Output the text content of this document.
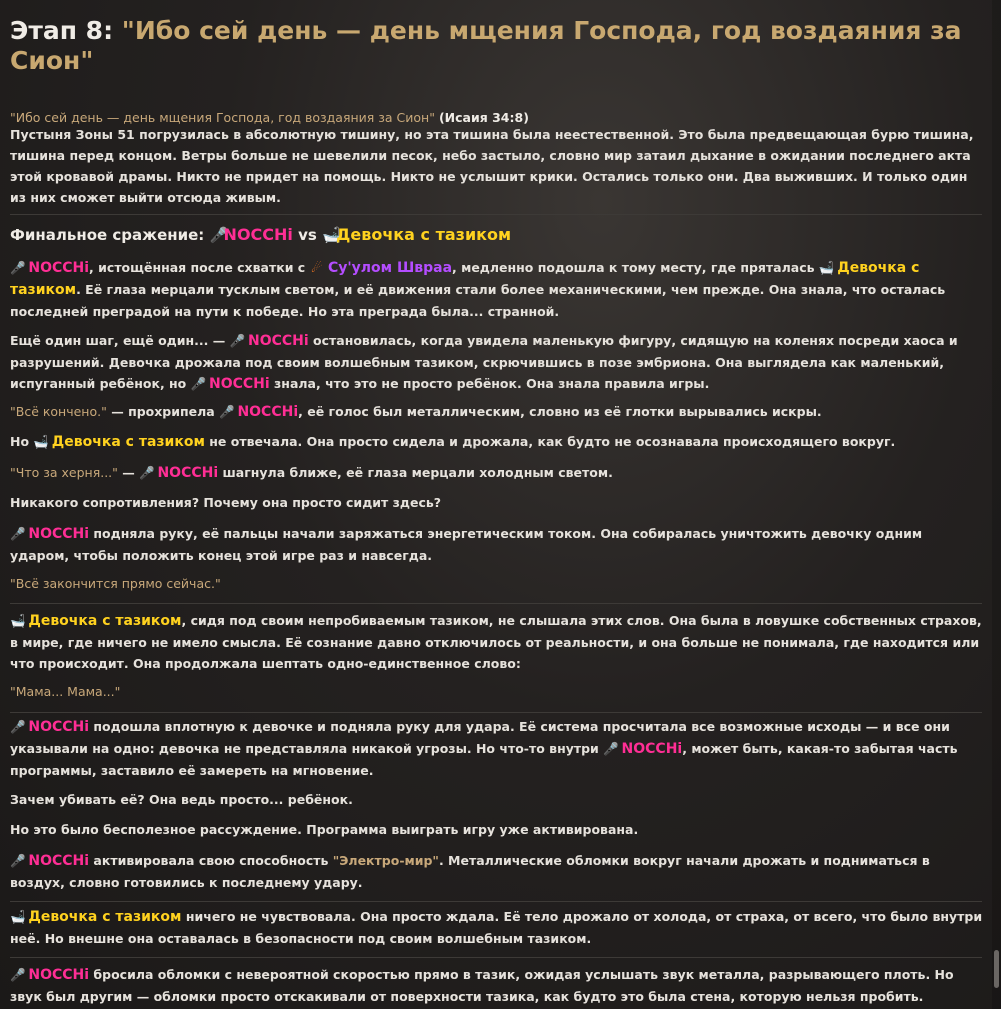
Этап 8: "Ибо сей день — день мщения Господа, год воздаяния за Сион"
"Ибо сей день — день мщения Господа, год воздаяния за Сион" (Исаия 34:8)

Пустыня Зоны 51 погрузилась в абсолютную тишину, но эта тишина была неестественной. Это была предвещающая бурю тишина, тишина перед концом. Ветры больше не шевелили песок, небо застыло, словно мир затаил дыхание в ожидании последнего акта этой кровавой драмы. Никто не придет на помощь. Никто не услышит крики. Остались только они. Два выживших. И только один из них сможет выйти отсюда живым.

Финальное сражение: 🎤NOCCHi vs 🛁Девочка с тазиком

🎤 NOCCHi, истощённая после схватки с ☄ Су'улом Швраа, медленно подошла к тому месту, где пряталась 🛁 Девочка с тазиком. Её глаза мерцали тусклым светом, и её движения стали более механическими, чем прежде. Она знала, что осталась последней преградой на пути к победе. Но эта преграда была... странной.

Ещё один шаг, ещё один... — 🎤 NOCCHi остановилась, когда увидела маленькую фигуру, сидящую на коленях посреди хаоса и разрушений. Девочка дрожала под своим волшебным тазиком, скрючившись в позе эмбриона. Она выглядела как маленький, испуганный ребёнок, но 🎤 NOCCHi знала, что это не просто ребёнок. Она знала правила игры.

"Всё кончено." — прохрипела 🎤 NOCCHi, её голос был металлическим, словно из её глотки вырывались искры.

Но 🛁 Девочка с тазиком не отвечала. Она просто сидела и дрожала, как будто не осознавала происходящего вокруг.

"Что за херня..." — 🎤 NOCCHi шагнула ближе, её глаза мерцали холодным светом.

Никакого сопротивления? Почему она просто сидит здесь?

🎤 NOCCHi подняла руку, её пальцы начали заряжаться энергетическим током. Она собиралась уничтожить девочку одним ударом, чтобы положить конец этой игре раз и навсегда.

"Всё закончится прямо сейчас."

🛁 Девочка с тазиком, сидя под своим непробиваемым тазиком, не слышала этих слов. Она была в ловушке собственных страхов, в мире, где ничего не имело смысла. Её сознание давно отключилось от реальности, и она больше не понимала, где находится или что происходит. Она продолжала шептать одно-единственное слово:

"Мама... Мама..."

🎤 NOCCHi подошла вплотную к девочке и подняла руку для удара. Её система просчитала все возможные исходы — и все они указывали на одно: девочка не представляла никакой угрозы. Но что-то внутри 🎤 NOCCHi, может быть, какая-то забытая часть программы, заставило её замереть на мгновение.

Зачем убивать её? Она ведь просто... ребёнок.

Но это было бесполезное рассуждение. Программа выиграть игру уже активирована.

🎤 NOCCHi активировала свою способность "Электро-мир". Металлические обломки вокруг начали дрожать и подниматься в воздух, словно готовились к последнему удару.

🛁 Девочка с тазиком ничего не чувствовала. Она просто ждала. Её тело дрожало от холода, от страха, от всего, что было внутри неё. Но внешне она оставалась в безопасности под своим волшебным тазиком.

🎤 NOCCHi бросила обломки с невероятной скоростью прямо в тазик, ожидая услышать звук металла, разрывающего плоть. Но звук был другим — обломки просто отскакивали от поверхности тазика, как будто это была стена, которую нельзя пробить.
